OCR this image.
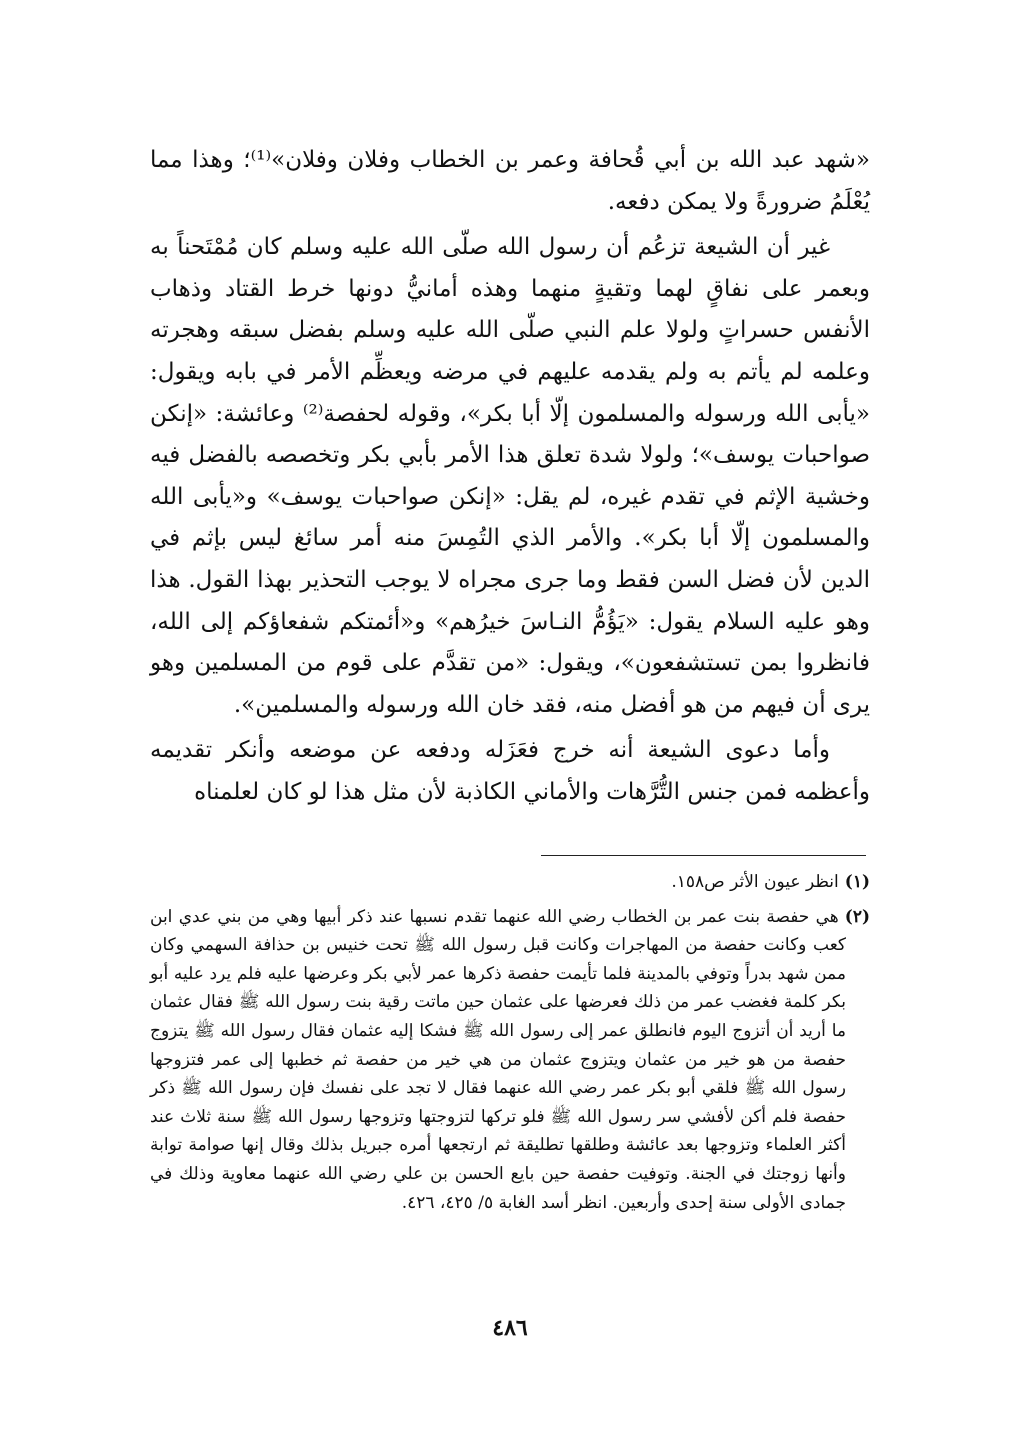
«شهد عبد الله بن أبي قُحافة وعمر بن الخطاب وفلان وفلان»⁽¹⁾؛ وهذا مما يُعْلَمُ ضرورةً ولا يمكن دفعه.

غير أن الشيعة تزعُم أن رسول الله صلّى الله عليه وسلم كان مُمْتَحناً به وبعمر على نفاقٍ لهما وتقيةٍ منهما وهذه أمانيُّ دونها خرط القتاد وذهاب الأنفس حسراتٍ ولولا علم النبي صلّى الله عليه وسلم بفضل سبقه وهجرته وعلمه لم يأتم به ولم يقدمه عليهم في مرضه ويعظِّم الأمر في بابه ويقول: «يأبى الله ورسوله والمسلمون إلّا أبا بكر»، وقوله لحفصة⁽²⁾ وعائشة: «إنكن صواحبات يوسف»؛ ولولا شدة تعلق هذا الأمر بأبي بكر وتخصصه بالفضل فيه وخشية الإثم في تقدم غيره، لم يقل: «إنكن صواحبات يوسف» و«يأبى الله والمسلمون إلّا أبا بكر». والأمر الذي التُمِسَ منه أمر سائغ ليس بإثم في الدين لأن فضل السن فقط وما جرى مجراه لا يوجب التحذير بهذا القول. هذا وهو عليه السلام يقول: «يَؤُمُّ النـاسَ خيرُهم» و«أئمتكم شفعاؤكم إلى الله، فانظروا بمن تستشفعون»، ويقول: «من تقدَّم على قوم من المسلمين وهو يرى أن فيهم من هو أفضل منه، فقد خان الله ورسوله والمسلمين».

وأما دعوى الشيعة أنه خرج فعَزَله ودفعه عن موضعه وأنكر تقديمه وأعظمه فمن جنس التُّرَّهات والأماني الكاذبة لأن مثل هذا لو كان لعلمناه

(١)انظر عيون الأثر ص١٥٨.

(٢)هي حفصة بنت عمر بن الخطاب رضي الله عنهما تقدم نسبها عند ذكر أبيها وهي من بني عدي ابن كعب وكانت حفصة من المهاجرات وكانت قبل رسول الله ﷺ تحت خنيس بن حذافة السهمي وكان ممن شهد بدراً وتوفي بالمدينة فلما تأيمت حفصة ذكرها عمر لأبي بكر وعرضها عليه فلم يرد عليه أبو بكر كلمة فغضب عمر من ذلك فعرضها على عثمان حين ماتت رقية بنت رسول الله ﷺ فقال عثمان ما أريد أن أتزوج اليوم فانطلق عمر إلى رسول الله ﷺ فشكا إليه عثمان فقال رسول الله ﷺ يتزوج حفصة من هو خير من عثمان ويتزوج عثمان من هي خير من حفصة ثم خطبها إلى عمر فتزوجها رسول الله ﷺ فلقي أبو بكر عمر رضي الله عنهما فقال لا تجد على نفسك فإن رسول الله ﷺ ذكر حفصة فلم أكن لأفشي سر رسول الله ﷺ فلو تركها لتزوجتها وتزوجها رسول الله ﷺ سنة ثلاث عند أكثر العلماء وتزوجها بعد عائشة وطلقها تطليقة ثم ارتجعها أمره جبريل بذلك وقال إنها صوامة توابة وأنها زوجتك في الجنة. وتوفيت حفصة حين بايع الحسن بن علي رضي الله عنهما معاوية وذلك في جمادى الأولى سنة إحدى وأربعين. انظر أسد الغابة ٥/ ٤٢٥، ٤٢٦.

٤٨٦
